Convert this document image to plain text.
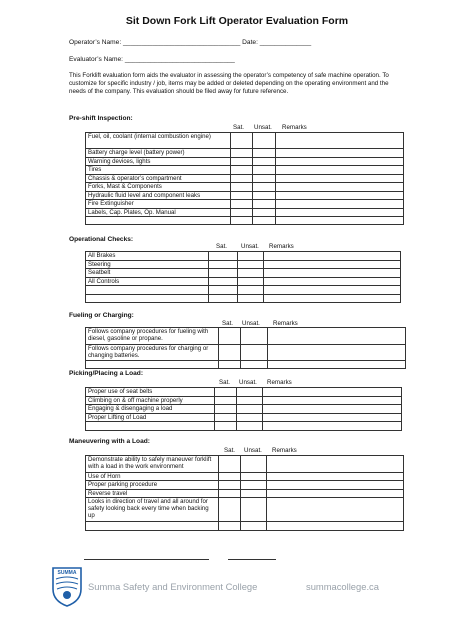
Sit Down Fork Lift Operator Evaluation Form
Operator’s Name: ________________________________ Date: ______________
Evaluator’s Name: ______________________________
This Forklift evaluation form aids the evaluator in assessing the operator’s competency of safe machine operation. To customize for specific industry / job, items may be added or deleted depending on the operating environment and the needs of the company. This evaluation should be filed away for future reference.
Pre-shift Inspection:
Sat. Unsat. Remarks
Fuel, oil, coolant (internal combustion engine)			
Battery charge level (battery power)			
Warning devices, lights			
Tires			
Chassis & operator’s compartment			
Forks, Mast & Components			
Hydraulic fluid level and component leaks			
Fire Extinguisher			
Labels, Cap. Plates, Op. Manual			

Operational Checks:
Sat. Unsat. Remarks
All Brakes			
Steering			
Seatbelt			
All Controls			

Fueling or Charging:
Sat. Unsat. Remarks
Follows company procedures for fueling with diesel, gasoline or propane.			
Follows company procedures for charging or changing batteries.			

Picking/Placing a Load:
Sat. Unsat. Remarks
Proper use of seat belts			
Climbing on & off machine properly			
Engaging & disengaging a load			
Proper Lifting of Load			

Maneuvering with a Load:
Sat. Unsat. Remarks
Demonstrate ability to safely maneuver forklift with a load in the work environment			
Use of Horn			
Proper parking procedure			
Reverse travel			
Looks in direction of travel and all around for safety looking back every time when backing up			

SUMMA
Summa Safety and Environment College	summacollege.ca
